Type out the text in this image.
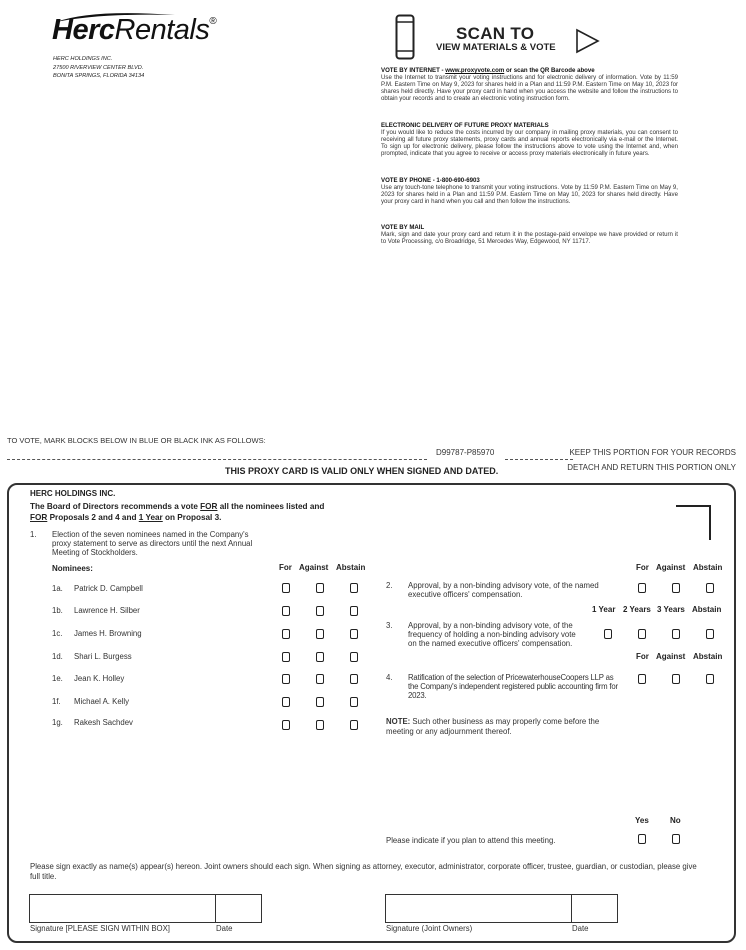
HercRentals®
HERC HOLDINGS INC.
27500 RIVERVIEW CENTER BLVD.
BONITA SPRINGS, FLORIDA 34134
SCAN TO
VIEW MATERIALS & VOTE
VOTE BY INTERNET - www.proxyvote.com or scan the QR Barcode above
Use the Internet to transmit your voting instructions and for electronic delivery of information. Vote by 11:59 P.M. Eastern Time on May 9, 2023 for shares held in a Plan and 11:59 P.M. Eastern Time on May 10, 2023 for shares held directly. Have your proxy card in hand when you access the website and follow the instructions to obtain your records and to create an electronic voting instruction form.
ELECTRONIC DELIVERY OF FUTURE PROXY MATERIALS
If you would like to reduce the costs incurred by our company in mailing proxy materials, you can consent to receiving all future proxy statements, proxy cards and annual reports electronically via e-mail or the Internet. To sign up for electronic delivery, please follow the instructions above to vote using the Internet and, when prompted, indicate that you agree to receive or access proxy materials electronically in future years.
VOTE BY PHONE - 1-800-690-6903
Use any touch-tone telephone to transmit your voting instructions. Vote by 11:59 P.M. Eastern Time on May 9, 2023 for shares held in a Plan and 11:59 P.M. Eastern Time on May 10, 2023 for shares held directly. Have your proxy card in hand when you call and then follow the instructions.
VOTE BY MAIL
Mark, sign and date your proxy card and return it in the postage-paid envelope we have provided or return it to Vote Processing, c/o Broadridge, 51 Mercedes Way, Edgewood, NY 11717.
TO VOTE, MARK BLOCKS BELOW IN BLUE OR BLACK INK AS FOLLOWS:
D99787-P85970	KEEP THIS PORTION FOR YOUR RECORDS
THIS PROXY CARD IS VALID ONLY WHEN SIGNED AND DATED.	DETACH AND RETURN THIS PORTION ONLY
HERC HOLDINGS INC.
The Board of Directors recommends a vote FOR all the nominees listed and
FOR Proposals 2 and 4 and 1 Year on Proposal 3.
1. Election of the seven nominees named in the Company's proxy statement to serve as directors until the next Annual Meeting of Stockholders.
Nominees:	For Against Abstain
1a. Patrick D. Campbell
1b. Lawrence H. Silber
1c. James H. Browning
1d. Shari L. Burgess
1e. Jean K. Holley
1f. Michael A. Kelly
1g. Rakesh Sachdev
For Against Abstain
2. Approval, by a non-binding advisory vote, of the named executive officers' compensation.
1 Year 2 Years 3 Years Abstain
3. Approval, by a non-binding advisory vote, of the frequency of holding a non-binding advisory vote on the named executive officers' compensation.
For Against Abstain
4. Ratification of the selection of PricewaterhouseCoopers LLP as the Company's independent registered public accounting firm for 2023.
NOTE: Such other business as may properly come before the meeting or any adjournment thereof.
Yes	No
Please indicate if you plan to attend this meeting.
Please sign exactly as name(s) appear(s) hereon. Joint owners should each sign. When signing as attorney, executor, administrator, corporate officer, trustee, guardian, or custodian, please give full title.
Signature [PLEASE SIGN WITHIN BOX]	Date	Signature (Joint Owners)	Date
